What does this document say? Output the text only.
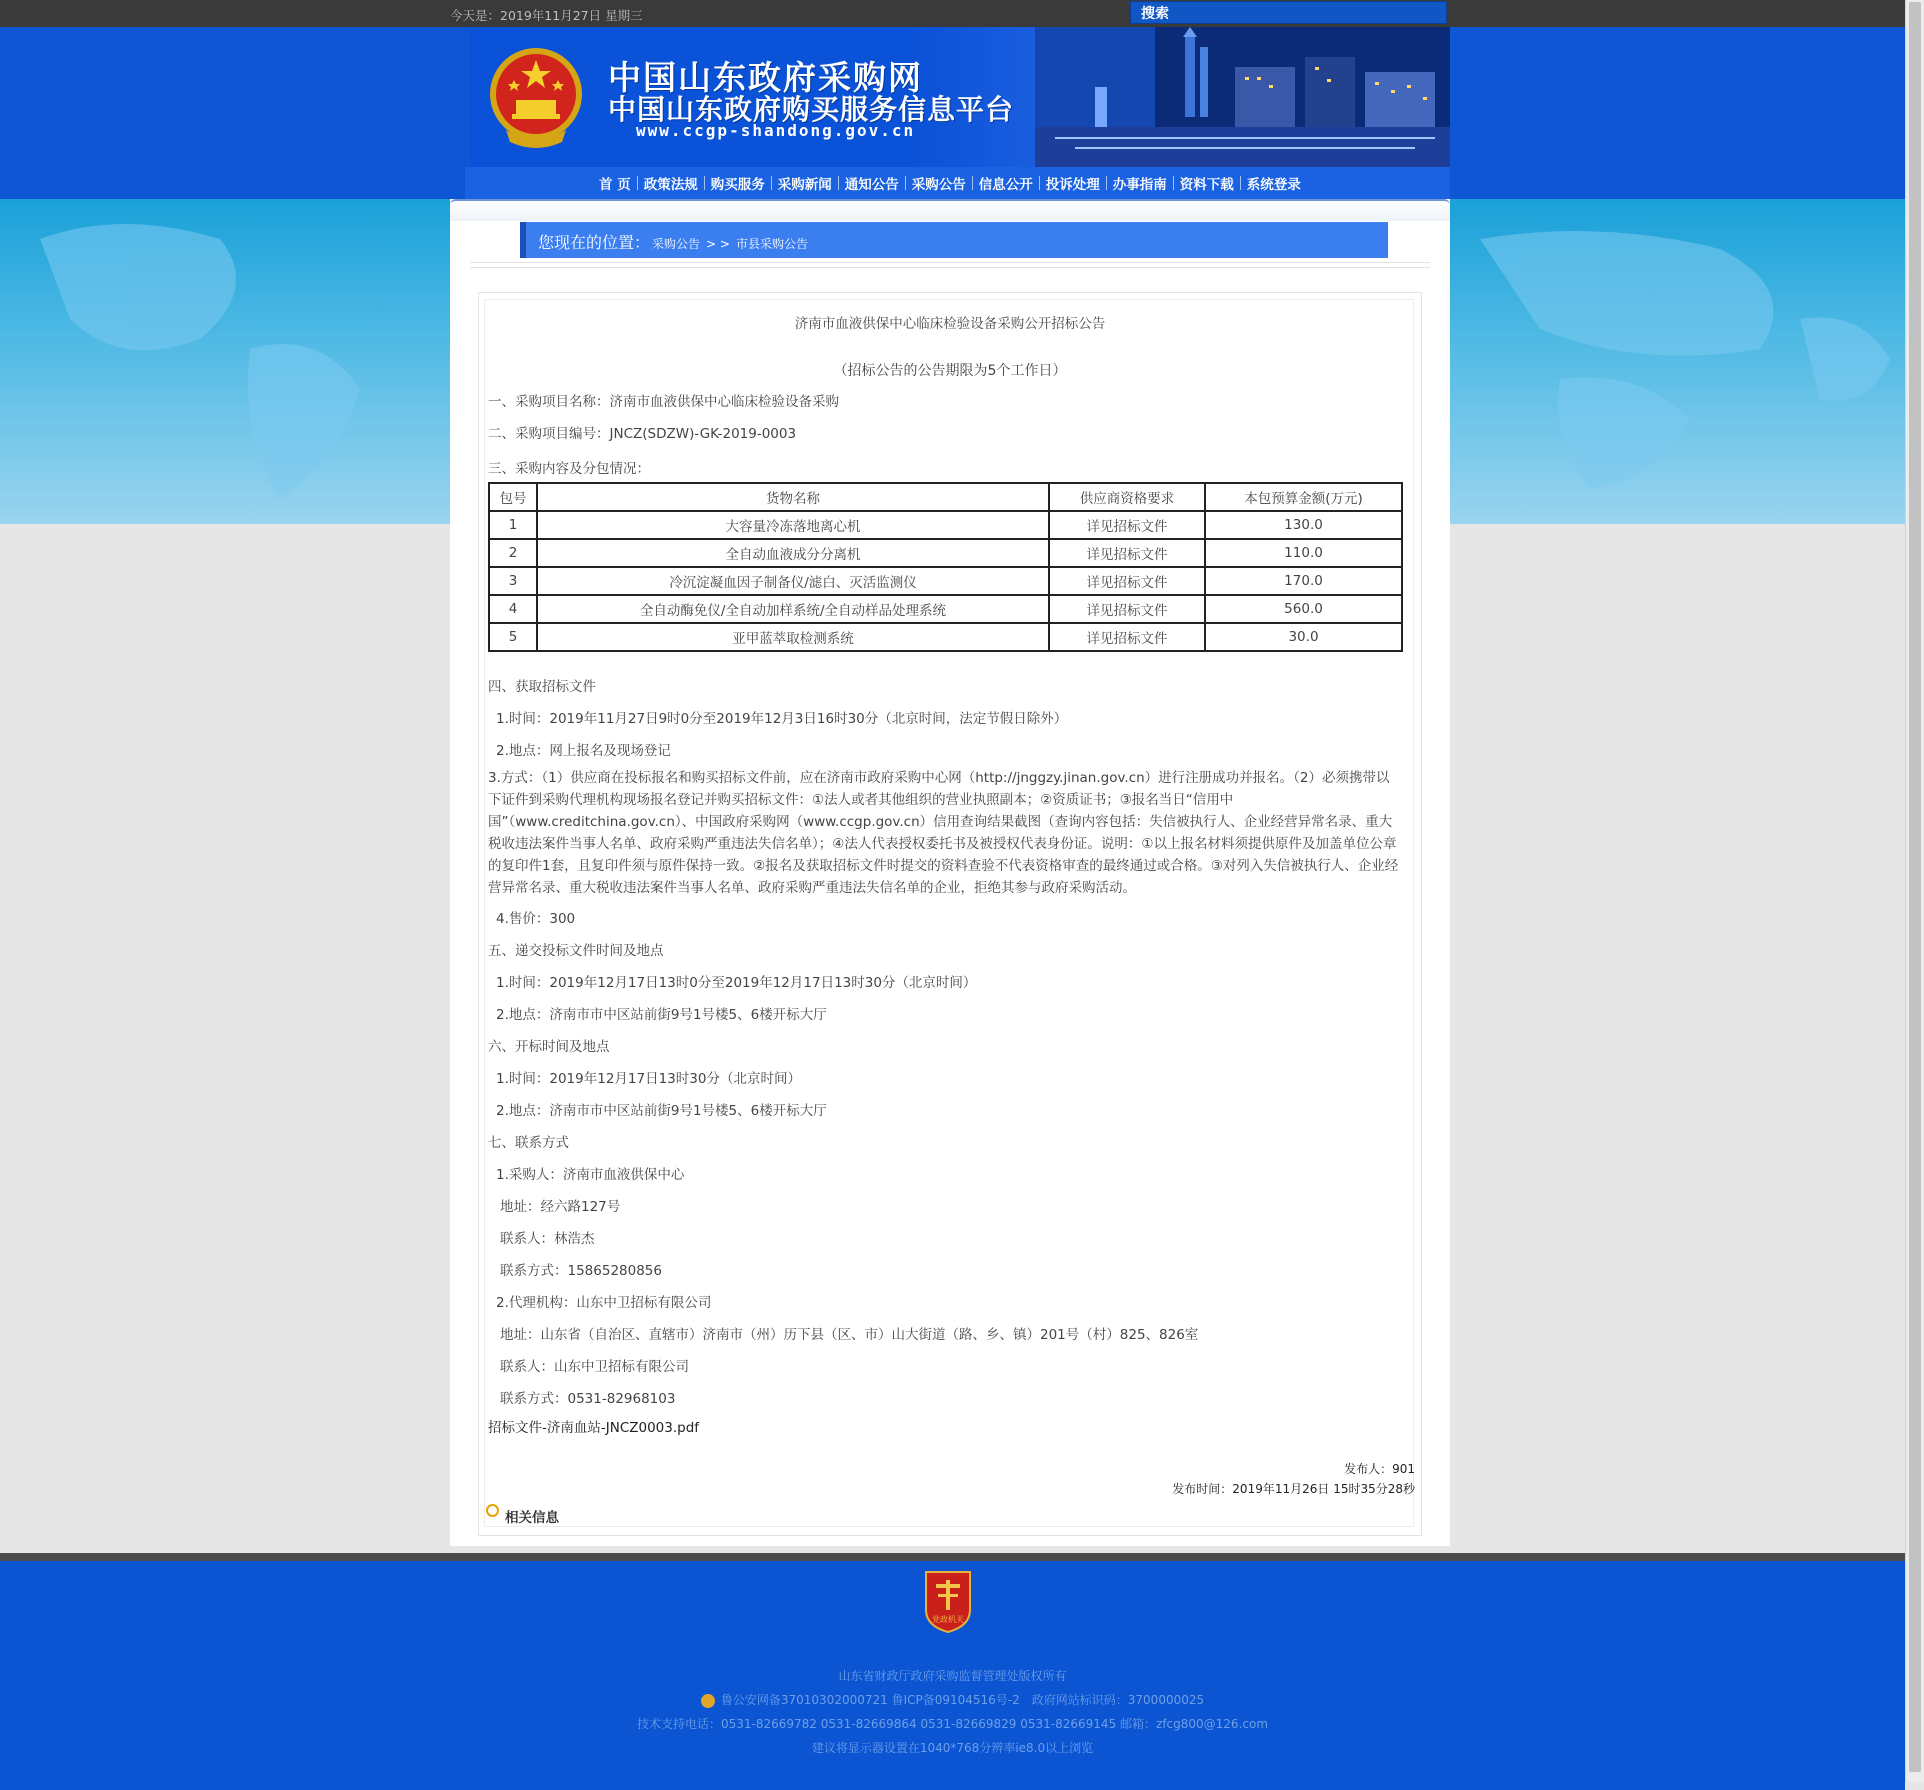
今天是：2019年11月27日 星期三	搜索
中国山东政府采购网
中国山东政府购买服务信息平台
www.ccgp-shandong.gov.cn
首 页 政策法规 购买服务 采购新闻 通知公告 采购公告 信息公开 投诉处理 办事指南 资料下载 系统登录
您现在的位置： 采购公告 > > 市县采购公告
济南市血液供保中心临床检验设备采购公开招标公告
（招标公告的公告期限为5个工作日）
一、采购项目名称：济南市血液供保中心临床检验设备采购
二、采购项目编号：JNCZ(SDZW)-GK-2019-0003
三、采购内容及分包情况：
包号	货物名称	供应商资格要求	本包预算金额(万元)
1	大容量冷冻落地离心机	详见招标文件	130.0
2	全自动血液成分分离机	详见招标文件	110.0
3	冷沉淀凝血因子制备仪/滤白、灭活监测仪	详见招标文件	170.0
4	全自动酶免仪/全自动加样系统/全自动样品处理系统	详见招标文件	560.0
5	亚甲蓝萃取检测系统	详见招标文件	30.0
四、获取招标文件
1.时间：2019年11月27日9时0分至2019年12月3日16时30分（北京时间，法定节假日除外）
2.地点：网上报名及现场登记
3.方式：（1）供应商在投标报名和购买招标文件前，应在济南市政府采购中心网（http://jnggzy.jinan.gov.cn）进行注册成功并报名。（2）必须携带以下证件到采购代理机构现场报名登记并购买招标文件：①法人或者其他组织的营业执照副本；②资质证书；③报名当日“信用中国”（www.creditchina.gov.cn）、中国政府采购网（www.ccgp.gov.cn）信用查询结果截图（查询内容包括：失信被执行人、企业经营异常名录、重大税收违法案件当事人名单、政府采购严重违法失信名单）；④法人代表授权委托书及被授权代表身份证。说明：①以上报名材料须提供原件及加盖单位公章的复印件1套，且复印件须与原件保持一致。②报名及获取招标文件时提交的资料查验不代表资格审查的最终通过或合格。③对列入失信被执行人、企业经营异常名录、重大税收违法案件当事人名单、政府采购严重违法失信名单的企业，拒绝其参与政府采购活动。
4.售价：300
五、递交投标文件时间及地点
1.时间：2019年12月17日13时0分至2019年12月17日13时30分（北京时间）
2.地点：济南市市中区站前街9号1号楼5、6楼开标大厅
六、开标时间及地点
1.时间：2019年12月17日13时30分（北京时间）
2.地点：济南市市中区站前街9号1号楼5、6楼开标大厅
七、联系方式
1.采购人：济南市血液供保中心
地址：经六路127号
联系人：林浩杰
联系方式：15865280856
2.代理机构：山东中卫招标有限公司
地址：山东省（自治区、直辖市）济南市（州）历下县（区、市）山大街道（路、乡、镇）201号（村）825、826室
联系人：山东中卫招标有限公司
联系方式：0531-82968103
招标文件-济南血站-JNCZ0003.pdf
发布人：901
发布时间：2019年11月26日 15时35分28秒
相关信息
党政机关
山东省财政厅政府采购监督管理处版权所有
鲁公安网备37010302000721 鲁ICP备09104516号-2　政府网站标识码：3700000025
技术支持电话：0531-82669782 0531-82669864 0531-82669829 0531-82669145 邮箱：zfcg800@126.com
建议将显示器设置在1040*768分辨率ie8.0以上浏览
